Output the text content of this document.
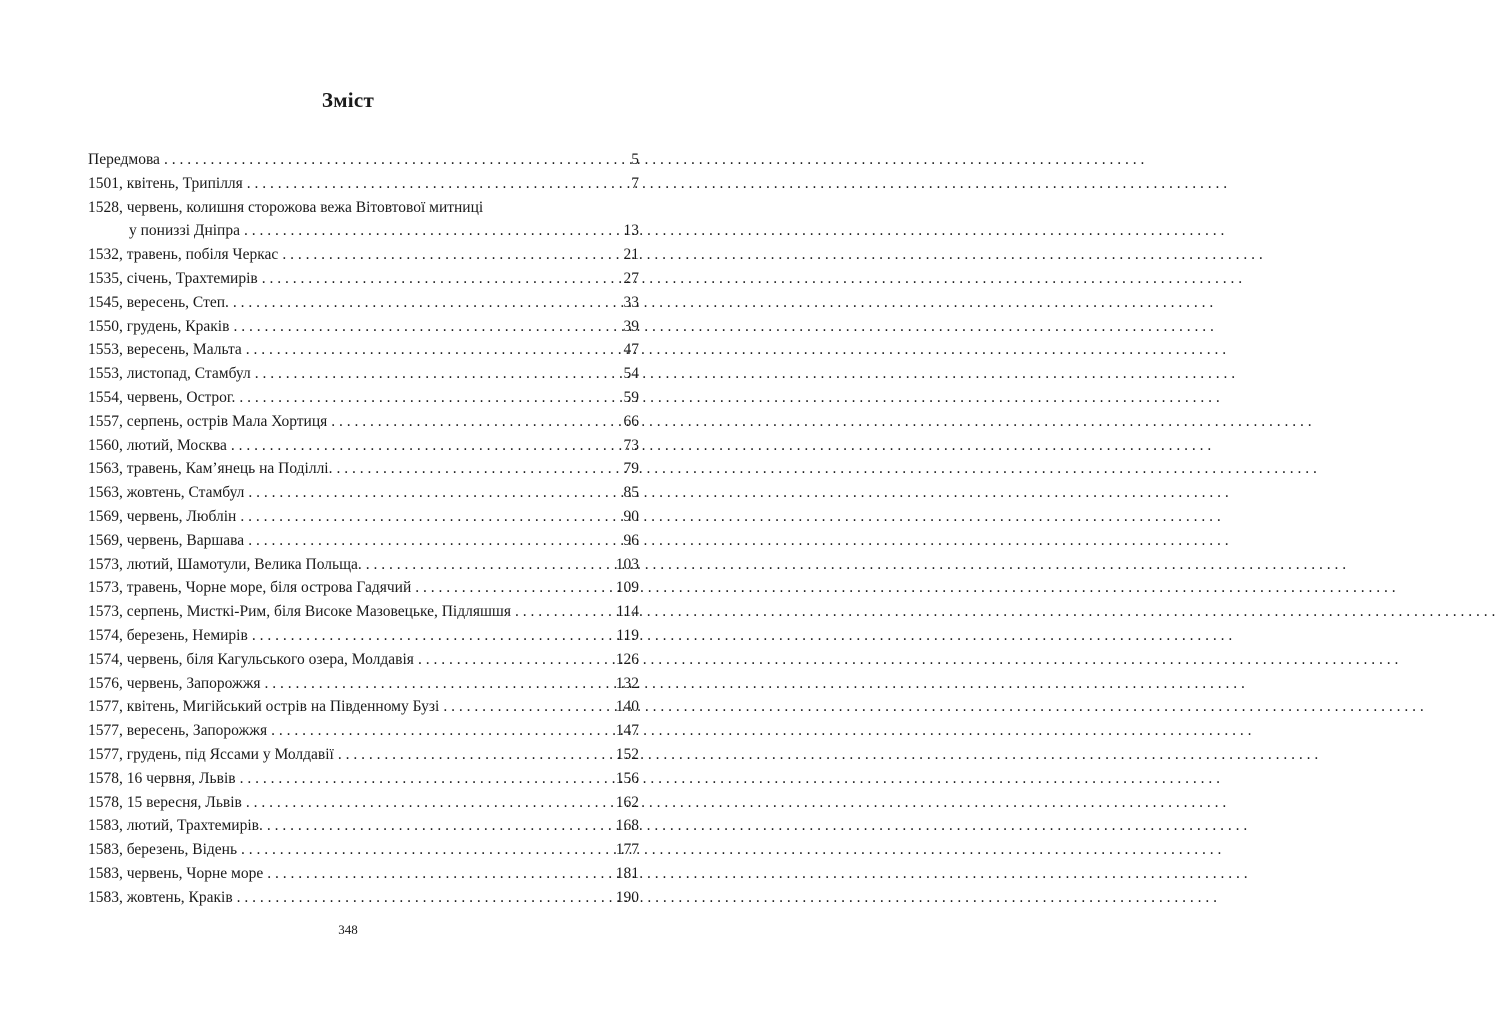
Зміст
Передмова . . .	5
1501, квітень, Трипілля . . .	7
1528, червень, колишня сторожова вежа Вітовтової митниці
у пониззі Дніпра . . .	13
1532, травень, побіля Черкас . . .	21
1535, січень, Трахтемирів . . .	27
1545, вересень, Степ. . . .	33
1550, грудень, Краків . . .	39
1553, вересень, Мальта . . .	47
1553, листопад, Стамбул . . .	54
1554, червень, Острог. . . .	59
1557, серпень, острів Мала Хортиця . . .	66
1560, лютий, Москва . . .	73
1563, травень, Кам’янець на Поділлі. . . .	79
1563, жовтень, Стамбул . . .	85
1569, червень, Люблін . . .	90
1569, червень, Варшава . . .	96
1573, лютий, Шамотули, Велика Польща. . . .	103
1573, травень, Чорне море, біля острова Гадячий . . .	109
1573, серпень, Мисткі-Рим, біля Високе Мазовецьке, Підляшшя . . .	114
1574, березень, Немирів . . .	119
1574, червень, біля Кагульського озера, Молдавія . . .	126
1576, червень, Запорожжя . . .	132
1577, квітень, Мигійський острів на Південному Бузі . . .	140
1577, вересень, Запорожжя . . .	147
1577, грудень, під Яссами у Молдавії . . .	152
1578, 16 червня, Львів . . .	156
1578, 15 вересня, Львів . . .	162
1583, лютий, Трахтемирів. . . .	168
1583, березень, Відень . . .	177
1583, червень, Чорне море . . .	181
1583, жовтень, Краків . . .	190
348
